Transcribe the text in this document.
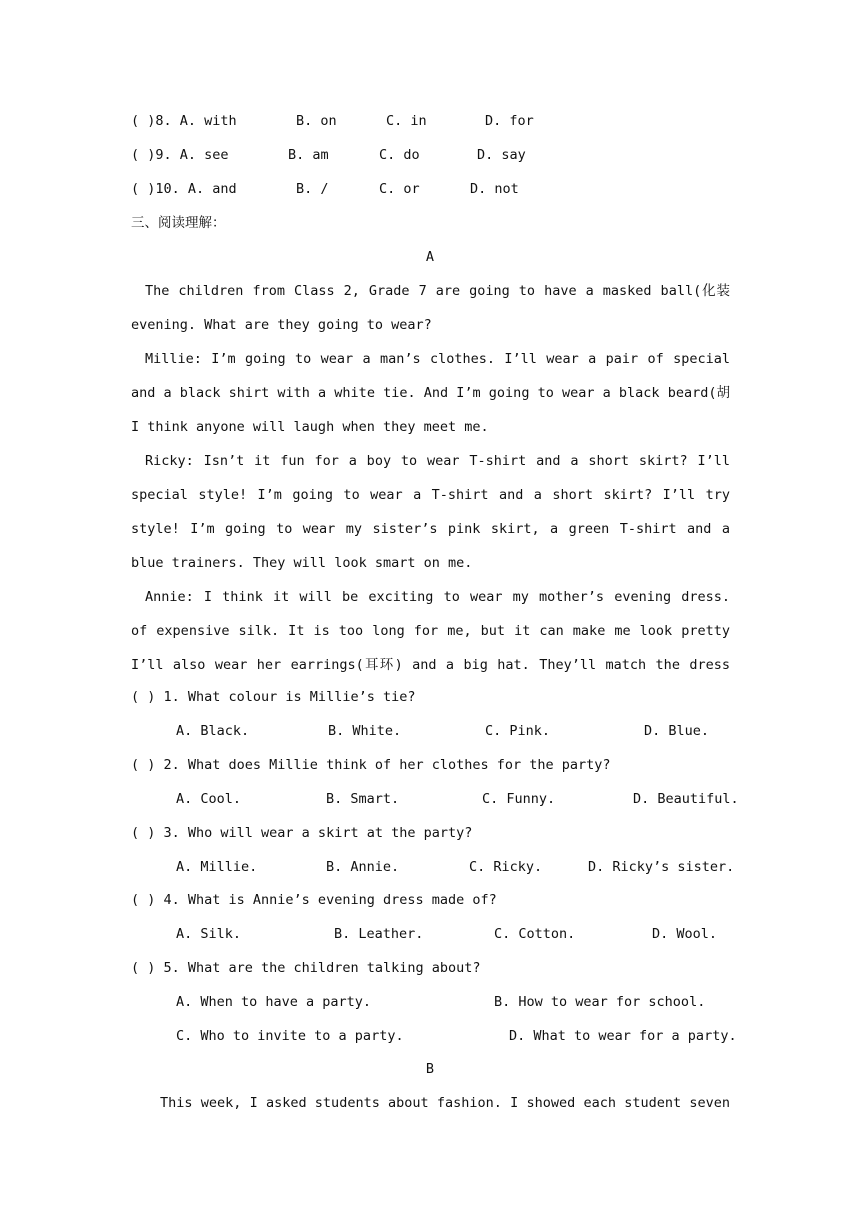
( )8. A. with	B. on	C. in	D. for
( )9. A. see	B. am	C. do	D. say
( )10. A. and	B. /	C. or	D. not
三、阅读理解：
A
The children from Class 2, Grade 7 are going to have a masked ball(化装
evening. What are they going to wear?
Millie: I’m going to wear a man’s clothes. I’ll wear a pair of special
and a black shirt with a white tie. And I’m going to wear a black beard(胡
I think anyone will laugh when they meet me.
Ricky: Isn’t it fun for a boy to wear T-shirt and a short skirt? I’ll
special style! I’m going to wear a T-shirt and a short skirt? I’ll try
style! I’m going to wear my sister’s pink skirt, a green T-shirt and a
blue trainers. They will look smart on me.
Annie: I think it will be exciting to wear my mother’s evening dress.
of expensive silk. It is too long for me, but it can make me look pretty
I’ll also wear her earrings(耳环) and a big hat. They’ll match the dress
( ) 1. What colour is Millie’s tie?
A. Black.	B. White.	C. Pink.	D. Blue.
( ) 2. What does Millie think of her clothes for the party?
A. Cool.	B. Smart.	C. Funny.	D. Beautiful.
( ) 3. Who will wear a skirt at the party?
A. Millie.	B. Annie.	C. Ricky.	D. Ricky’s sister.
( ) 4. What is Annie’s evening dress made of?
A. Silk.	B. Leather.	C. Cotton.	D. Wool.
( ) 5. What are the children talking about?
A. When to have a party.	B. How to wear for school.
C. Who to invite to a party.	D. What to wear for a party.
B
This week, I asked students about fashion. I showed each student seven
